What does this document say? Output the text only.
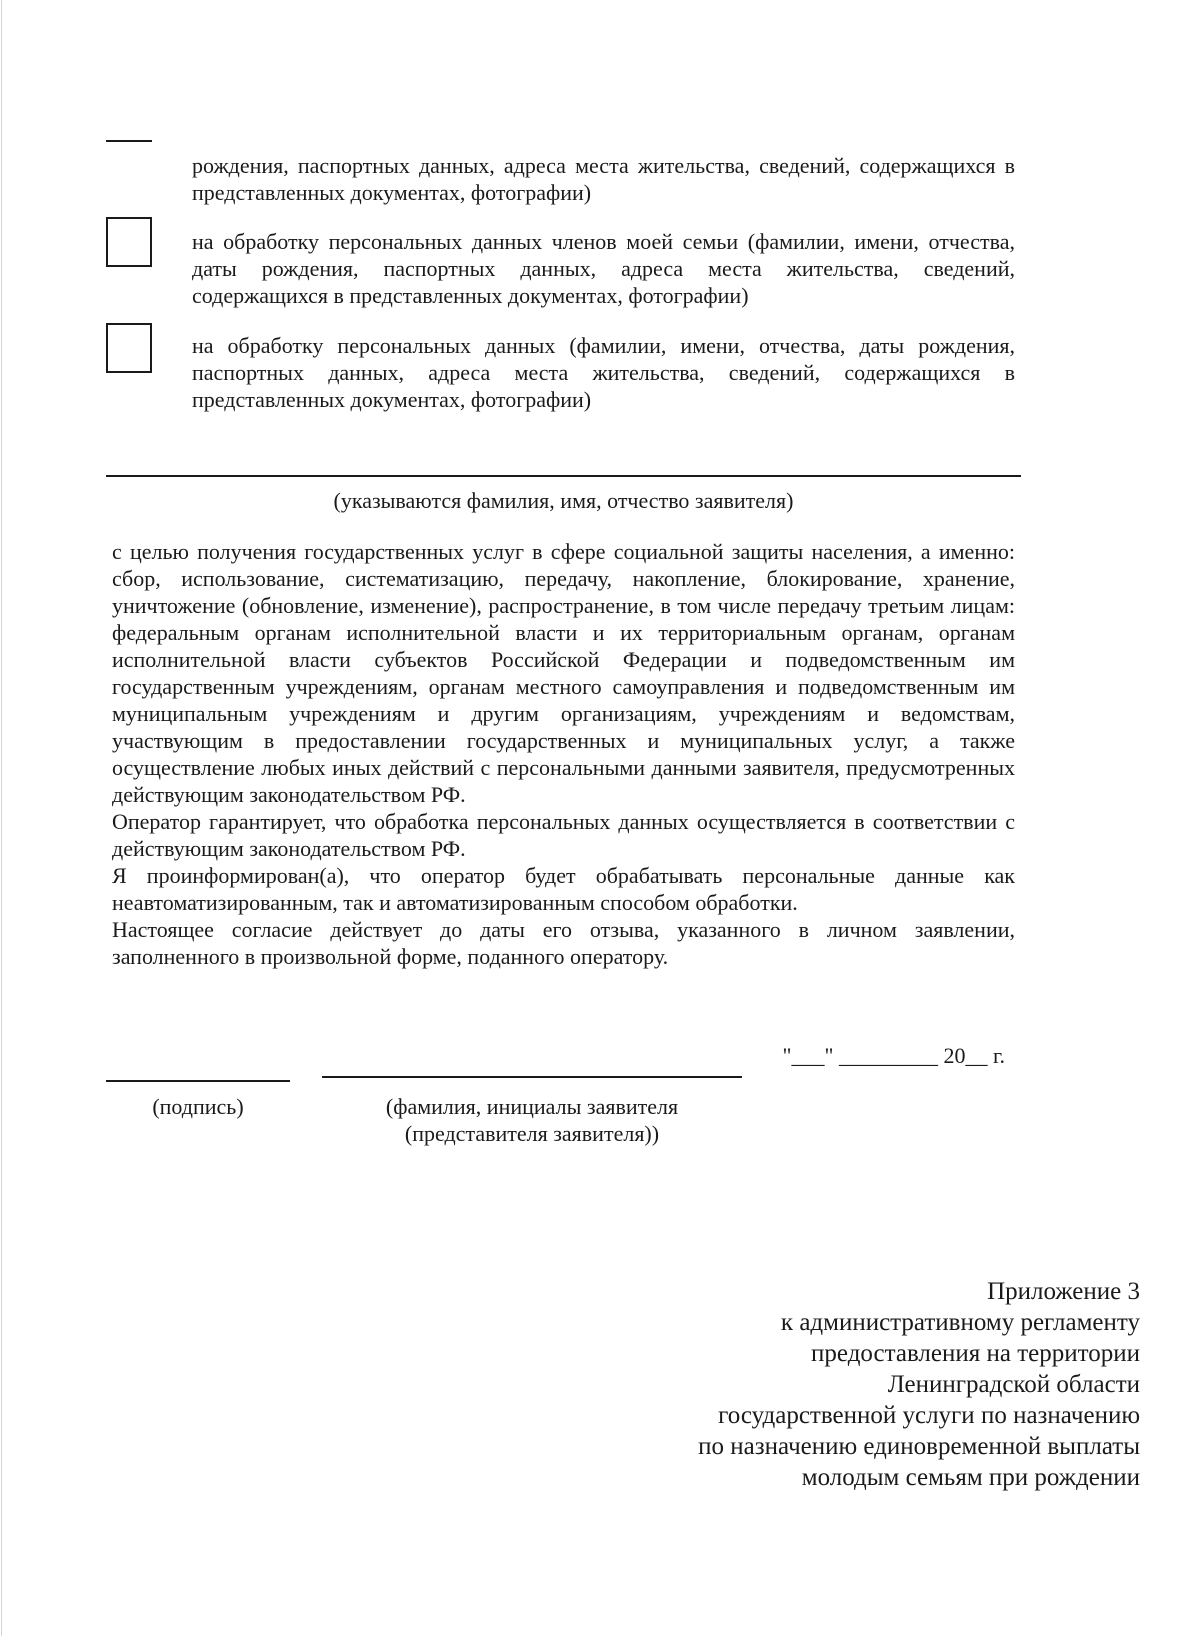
рождения, паспортных данных, адреса места жительства, сведений, содержащихся в представленных документах, фотографии)
на обработку персональных данных членов моей семьи (фамилии, имени, отчества, даты рождения, паспортных данных, адреса места жительства, сведений, содержащихся в представленных документах, фотографии)
на обработку персональных данных (фамилии, имени, отчества, даты рождения, паспортных данных, адреса места жительства, сведений, содержащихся в представленных документах, фотографии)
(указываются фамилия, имя, отчество заявителя)

с целью получения государственных услуг в сфере социальной защиты населения, а именно: сбор, использование, систематизацию, передачу, накопление, блокирование, хранение, уничтожение (обновление, изменение), распространение, в том числе передачу третьим лицам: федеральным органам исполнительной власти и их территориальным органам, органам исполнительной власти субъектов Российской Федерации и подведомственным им государственным учреждениям, органам местного самоуправления и подведомственным им муниципальным учреждениям и другим организациям, учреждениям и ведомствам, участвующим в предоставлении государственных и муниципальных услуг, а также осуществление любых иных действий с персональными данными заявителя, предусмотренных действующим законодательством РФ.

Оператор гарантирует, что обработка персональных данных осуществляется в соответствии с действующим законодательством РФ.

Я проинформирован(а), что оператор будет обрабатывать персональные данные как неавтоматизированным, так и автоматизированным способом обработки.

Настоящее согласие действует до даты его отзыва, указанного в личном заявлении, заполненного в произвольной форме, поданного оператору.

"___" _________ 20__ г.
(подпись)	(фамилия, инициалы заявителя
(представителя заявителя))

Приложение 3

к административному регламенту

предоставления на территории

Ленинградской области

государственной услуги по назначению

по назначению единовременной выплаты

молодым семьям при рождении
